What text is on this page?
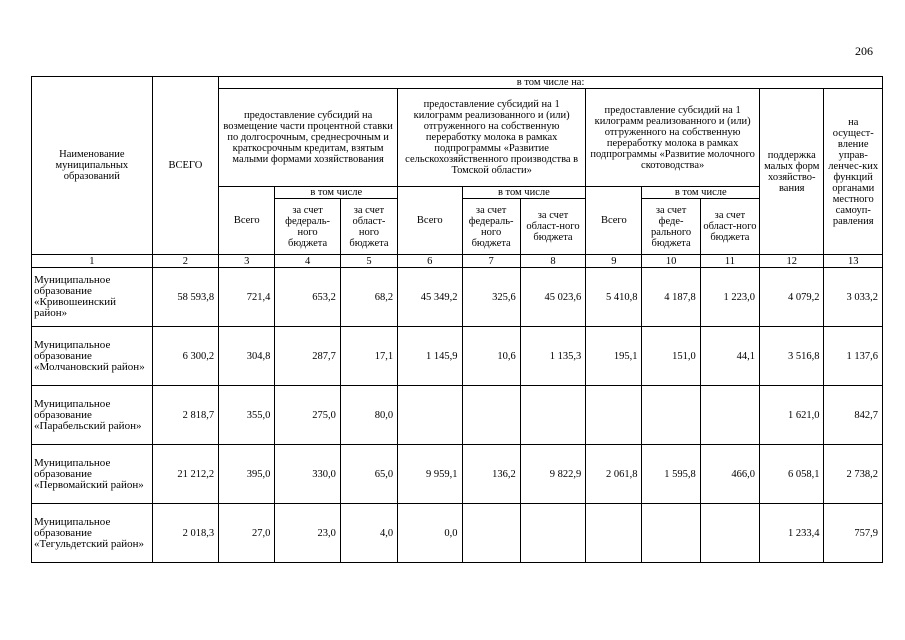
206
Наименование муниципальных образований	ВСЕГО	в том числе на:										
		предоставление субсидий на возмещение части процентной ставки по долгосрочным, среднесрочным и краткосрочным кредитам, взятым малыми формами хозяйствования			предоставление субсидий на 1 килограмм реализованного и (или) отгруженного на собственную переработку молока в рамках подпрограммы «Развитие сельскохозяйственного производства в Томской области»			предоставление субсидий на 1 килограмм реализованного и (или) отгруженного на собственную переработку молока в рамках подпрограммы «Развитие молочного скотоводства»			поддержка малых форм хозяйство-вания	на осущест-вление управ-ленчес-ких функций органами местного самоуп-равления
		Всего	в том числе		Всего	в том числе		Всего	в том числе			
			за счет федераль-ного бюджета	за счет област-ного бюджета		за счет федераль-ного бюджета	за счет област-ного бюджета		за счет феде-рального бюджета	за счет област-ного бюджета		
1	2	3	4	5	6	7	8	9	10	11	12	13
Муниципальное образование «Кривошеинский район»	58 593,8	721,4	653,2	68,2	45 349,2	325,6	45 023,6	5 410,8	4 187,8	1 223,0	4 079,2	3 033,2
Муниципальное образование «Молчановский район»	6 300,2	304,8	287,7	17,1	1 145,9	10,6	1 135,3	195,1	151,0	44,1	3 516,8	1 137,6
Муниципальное образование «Парабельский район»	2 818,7	355,0	275,0	80,0							1 621,0	842,7
Муниципальное образование «Первомайский район»	21 212,2	395,0	330,0	65,0	9 959,1	136,2	9 822,9	2 061,8	1 595,8	466,0	6 058,1	2 738,2
Муниципальное образование «Тегульдетский район»	2 018,3	27,0	23,0	4,0	0,0						1 233,4	757,9
